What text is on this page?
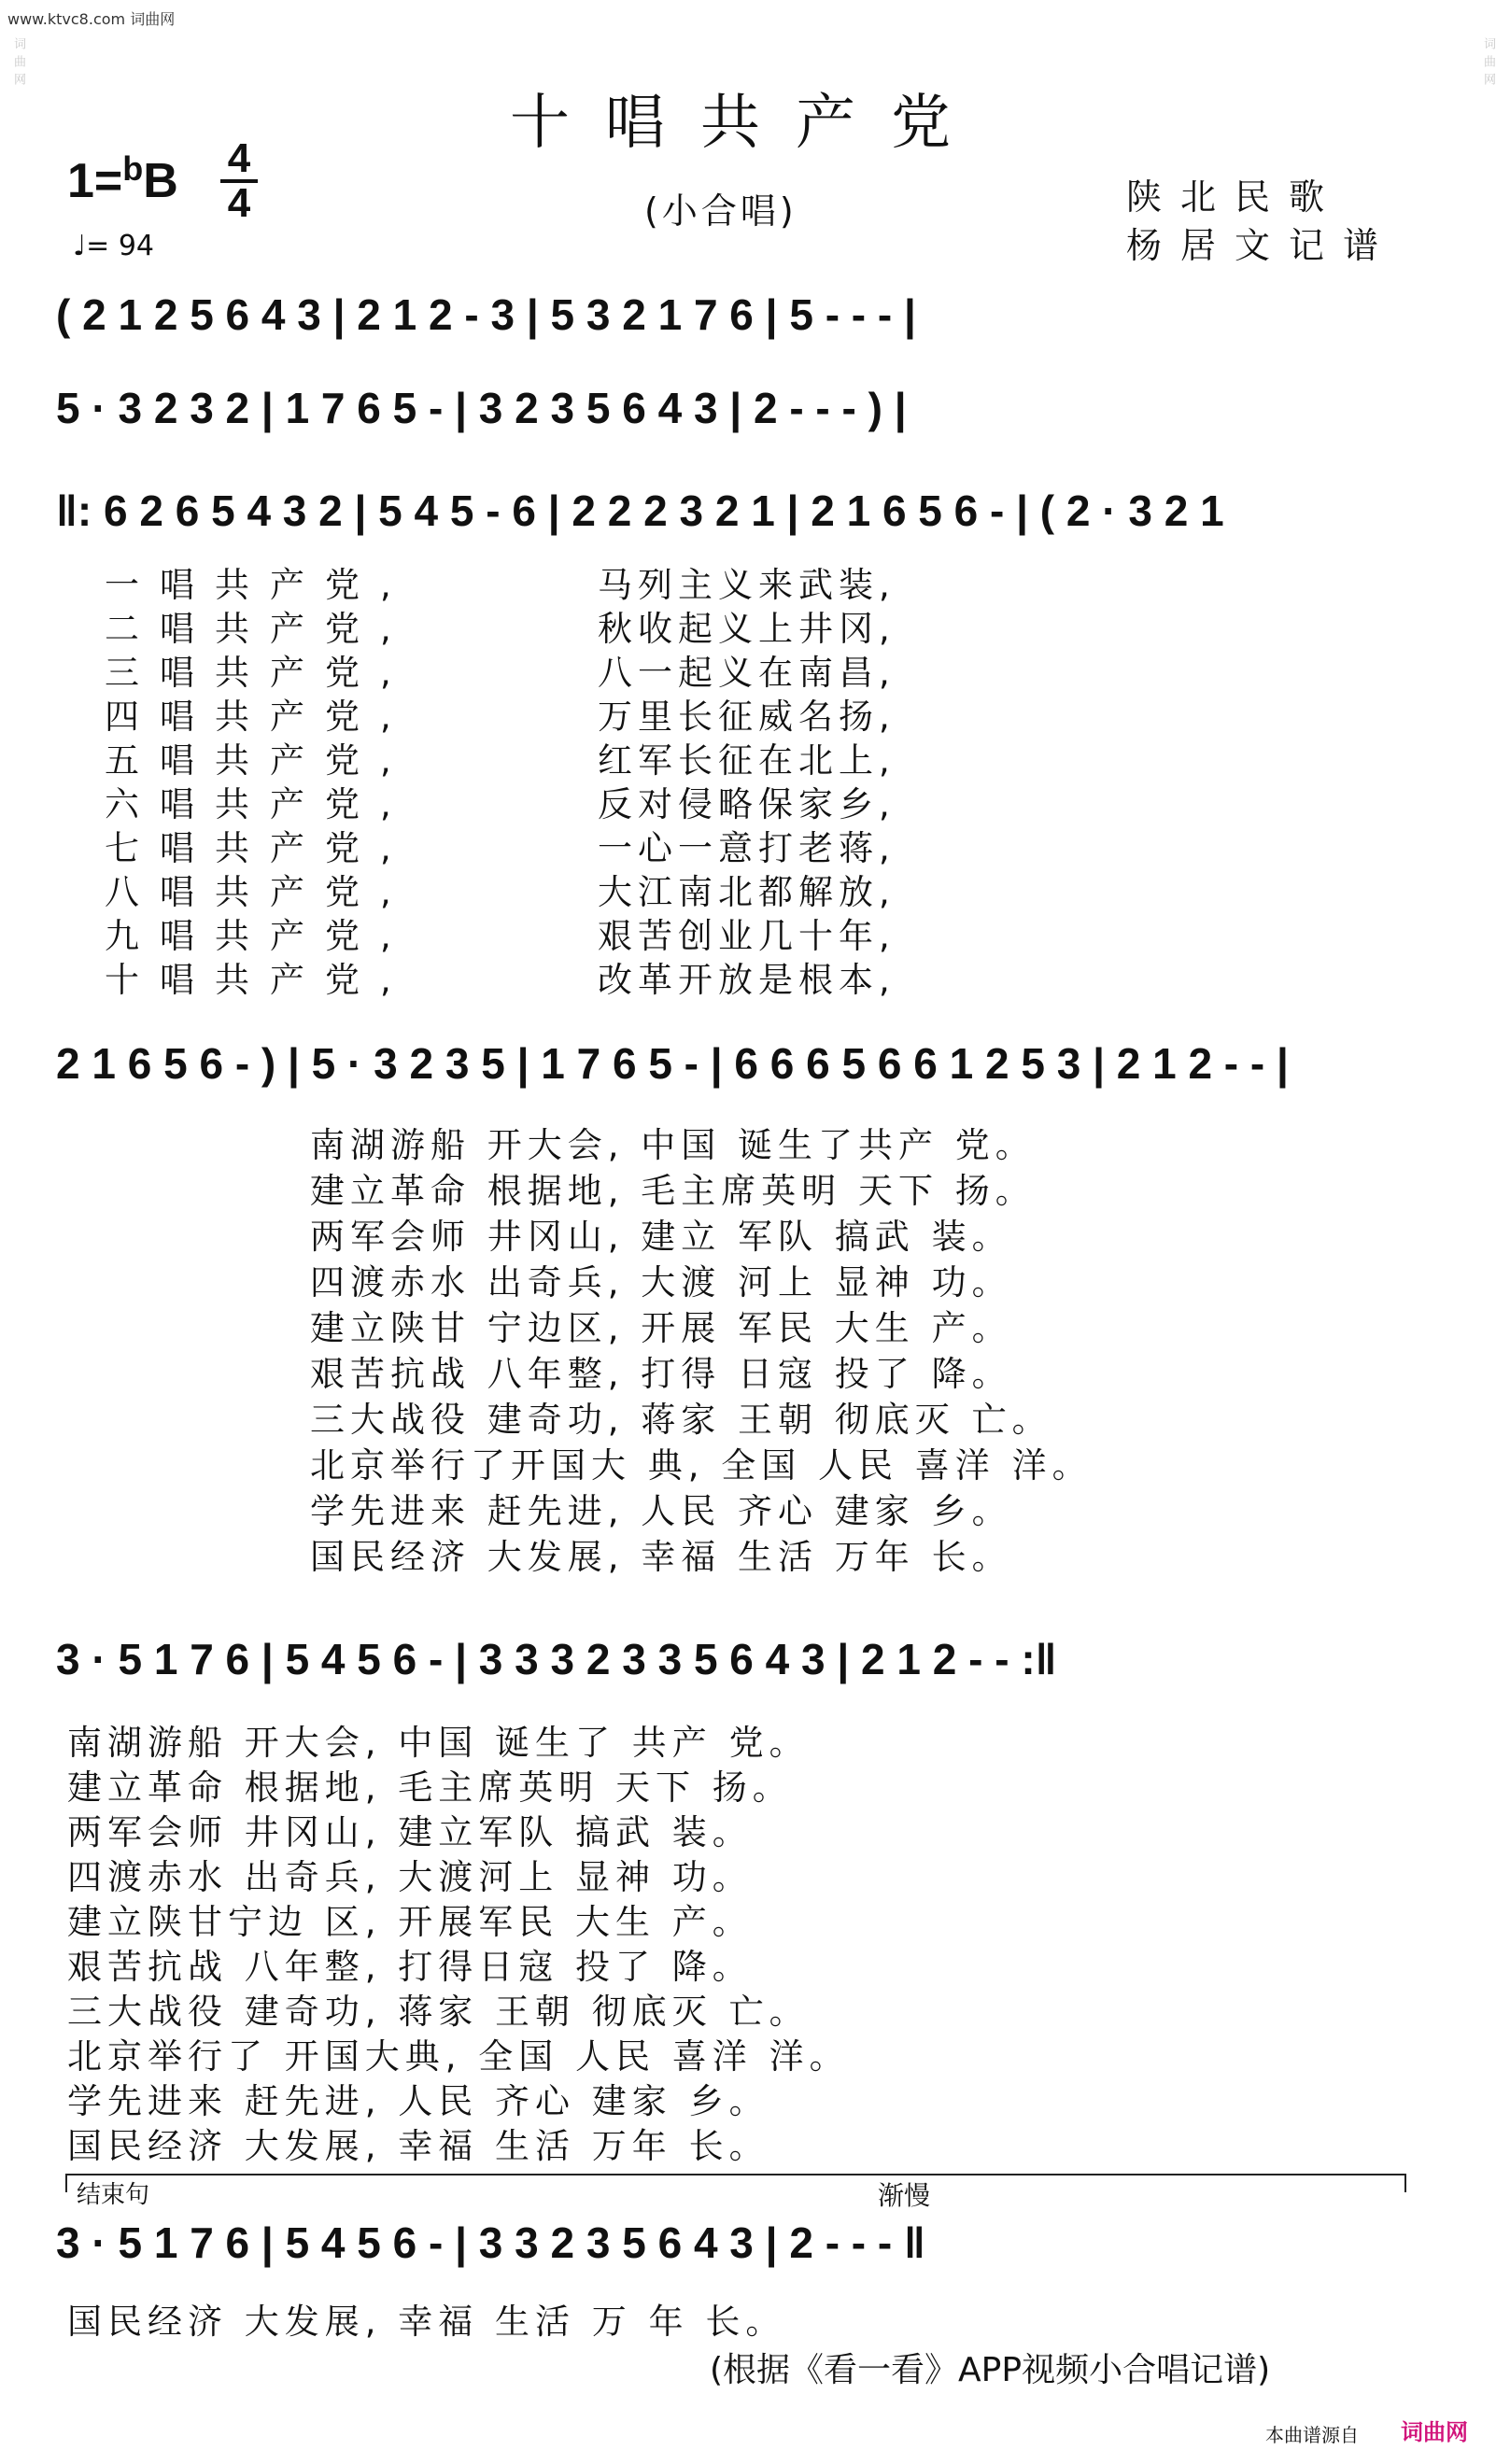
www.ktvc8.com 词曲网
词曲网	词曲网
十唱共产党
1=$^b$B 4
4
♩= 94
(小合唱)	陕北民歌
杨居文记谱
( 2 1 2 5 6 4 3 | 2 1 2 - 3 | 5 3 2 1 7 6 | 5 - - - |
5 · 3 2 3 2 | 1 7 6 5 - | 3 2 3 5 6 4 3 | 2 - - - ) |
‖: 6 2 6 5 4 3 2 | 5 4 5 - 6 | 2 2 2 3 2 1 | 2 1 6 5 6 - | ( 2 · 3 2 1
一唱共产党,	马列主义来武装,
二唱共产党,	秋收起义上井冈,
三唱共产党,	八一起义在南昌,
四唱共产党,	万里长征威名扬,
五唱共产党,	红军长征在北上,
六唱共产党,	反对侵略保家乡,
七唱共产党,	一心一意打老蒋,
八唱共产党,	大江南北都解放,
九唱共产党,	艰苦创业几十年,
十唱共产党,	改革开放是根本,
2 1 6 5 6 - ) | 5 · 3 2 3 5 | 1 7 6 5 - | 6 6 6 5 6 6 1 2 5 3 | 2 1 2 - - |
南湖游船 开大会, 中国 诞生了共产 党。
建立革命 根据地, 毛主席英明 天下 扬。
两军会师 井冈山, 建立 军队 搞武 装。
四渡赤水 出奇兵, 大渡 河上 显神 功。
建立陕甘 宁边区, 开展 军民 大生 产。
艰苦抗战 八年整, 打得 日寇 投了 降。
三大战役 建奇功, 蒋家 王朝 彻底灭 亡。
北京举行了开国大 典, 全国 人民 喜洋 洋。
学先进来 赶先进, 人民 齐心 建家 乡。
国民经济 大发展, 幸福 生活 万年 长。
3 · 5 1 7 6 | 5 4 5 6 - | 3 3 3 2 3 3 5 6 4 3 | 2 1 2 - - :‖
南湖游船 开大会, 中国 诞生了 共产 党。
建立革命 根据地, 毛主席英明 天下 扬。
两军会师 井冈山, 建立军队 搞武 装。
四渡赤水 出奇兵, 大渡河上 显神 功。
建立陕甘宁边 区, 开展军民 大生 产。
艰苦抗战 八年整, 打得日寇 投了 降。
三大战役 建奇功, 蒋家 王朝 彻底灭 亡。
北京举行了 开国大典, 全国 人民 喜洋 洋。
学先进来 赶先进, 人民 齐心 建家 乡。
国民经济 大发展, 幸福 生活 万年 长。
结束句	渐慢
3 · 5 1 7 6 | 5 4 5 6 - | 3 3 2 3 5 6 4 3 | 2 - - - ‖
国民经济 大发展, 幸福 生活 万 年 长。
(根据《看一看》APP视频小合唱记谱)
本曲谱源自 词曲网
